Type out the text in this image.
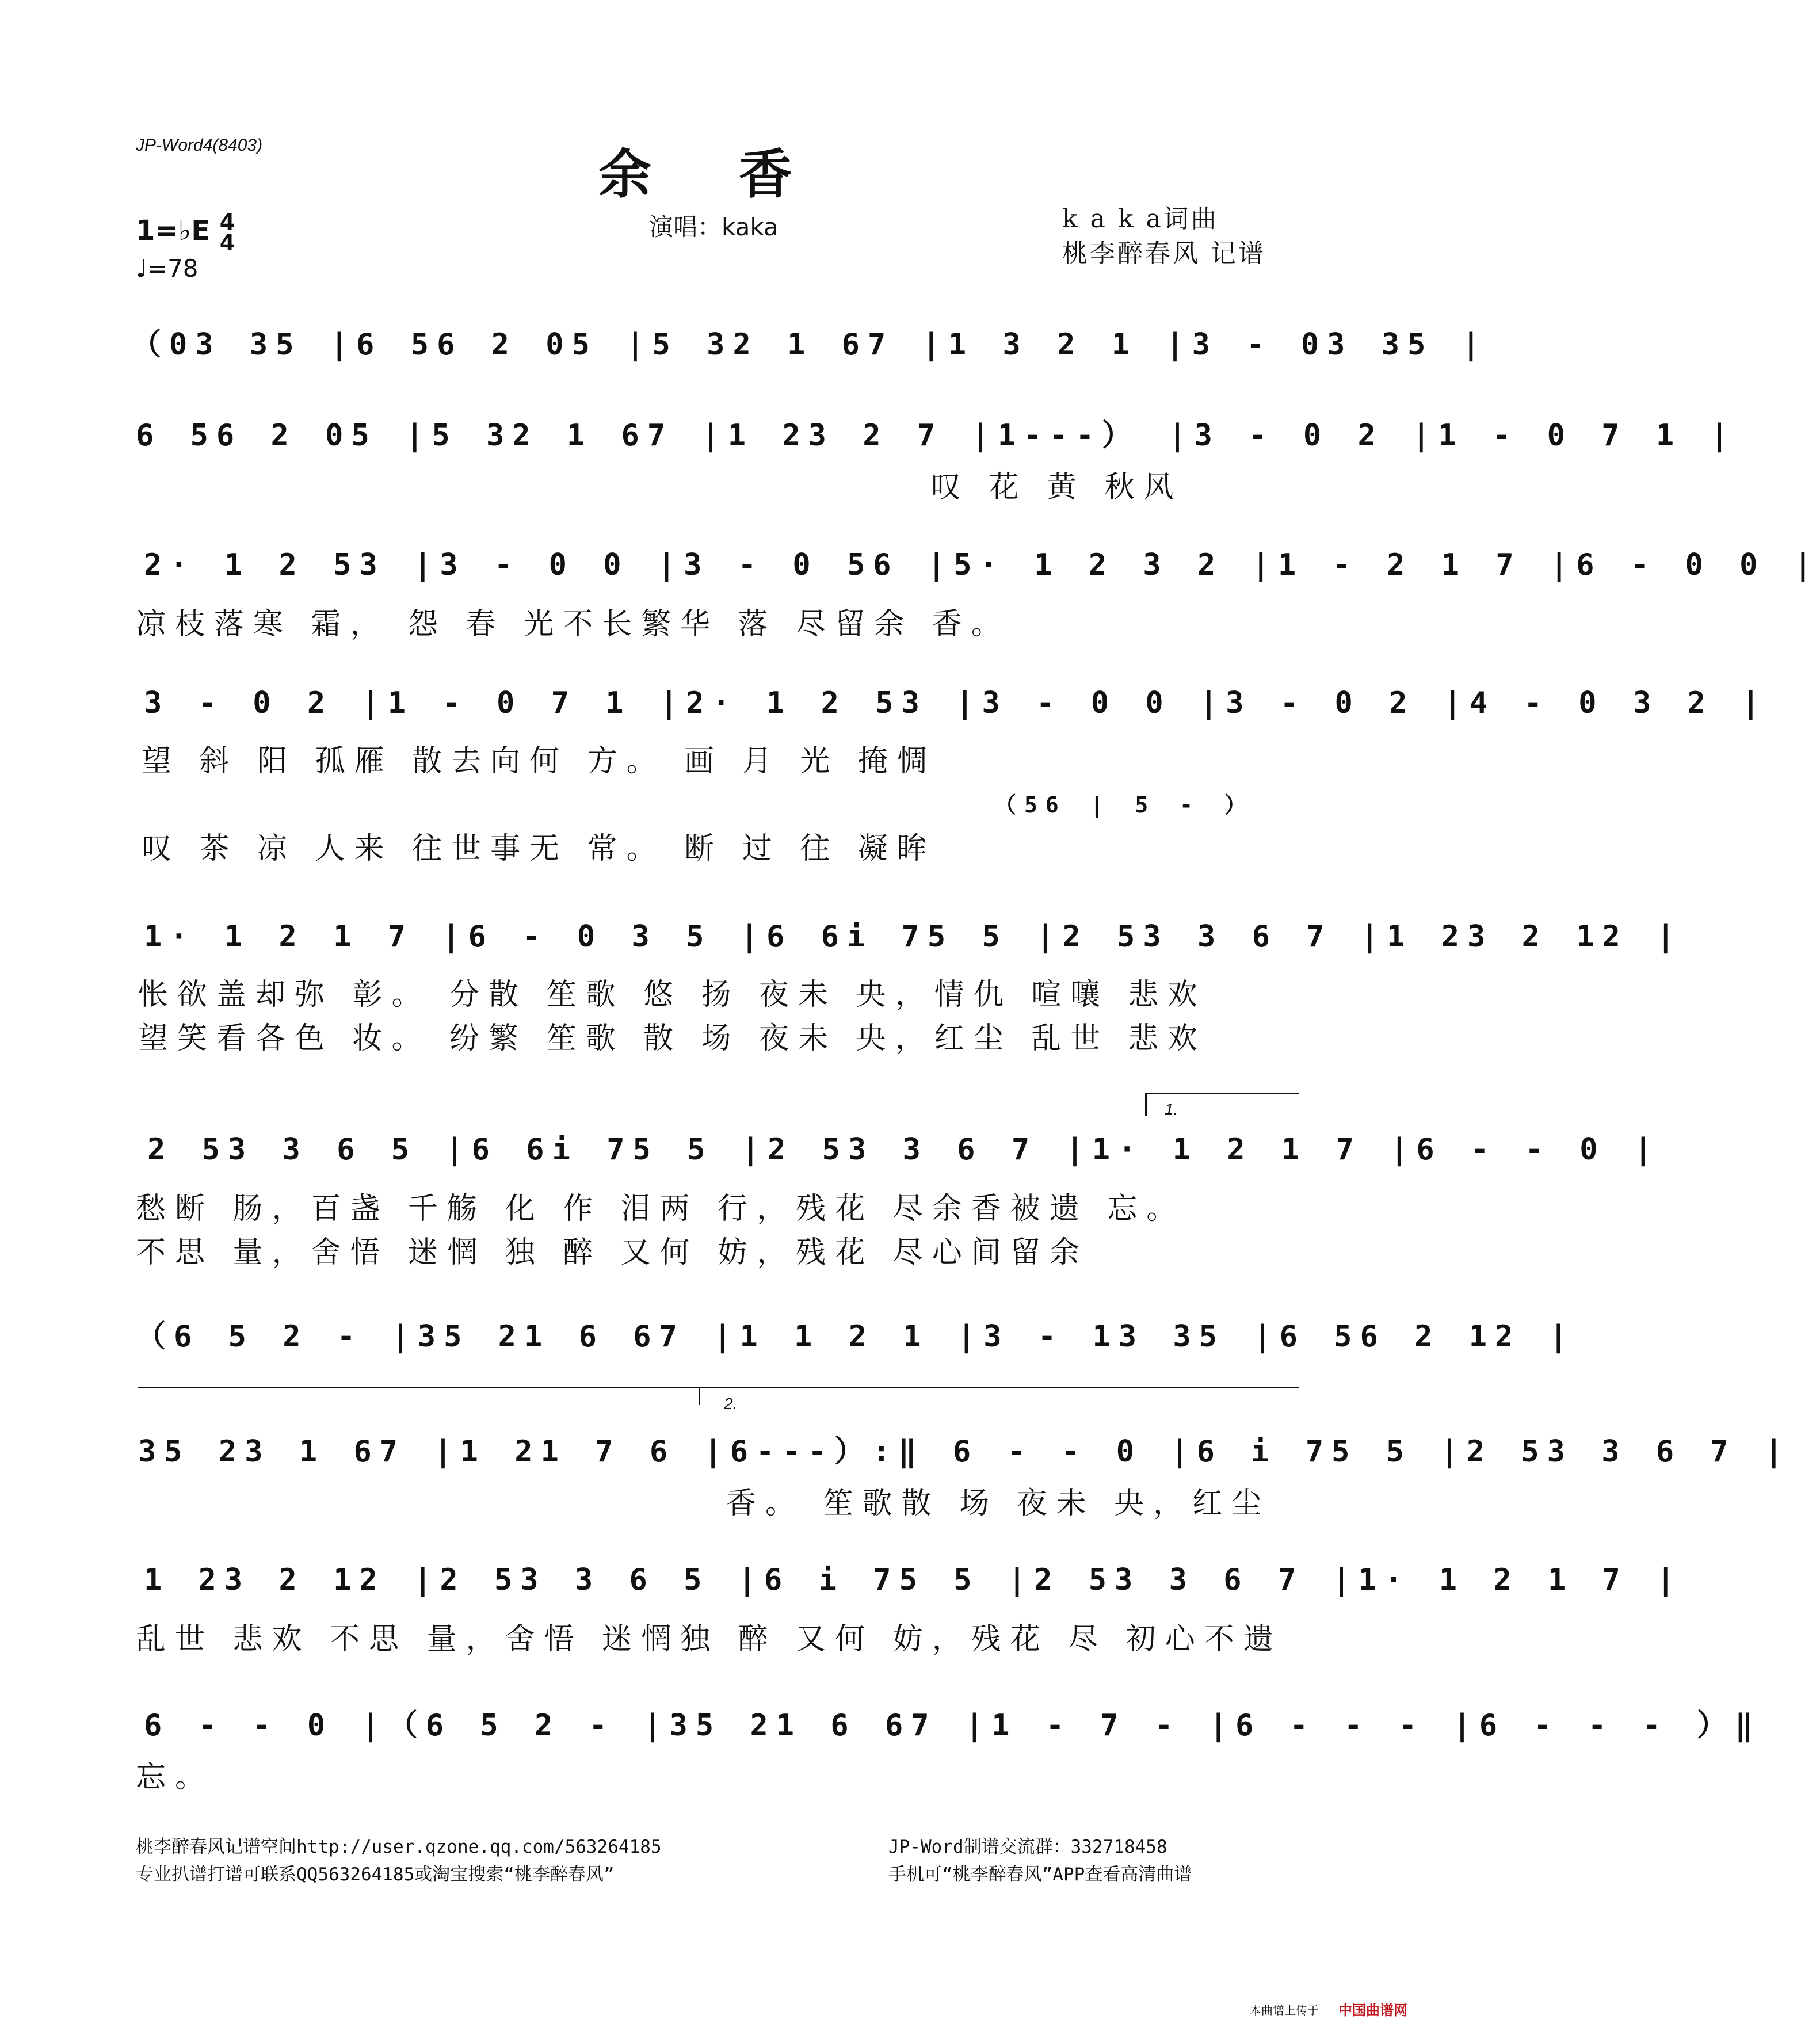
JP-Word4(8403)	余 香
演唱：kaka	k a k a词曲
桃李醉春风 记谱
1=♭E 4
4
♩=78
（03 35 |6 56 2 05 |5 32 1 67 |1 3 2 1 |3 - 03 35 |
6 56 2 05 |5 32 1 67 |1 23 2 7 |1---） |3 - 0 2 |1 - 0 7 1 |
叹 花 黄 秋风
2· 1 2 53 |3 - 0 0 |3 - 0 56 |5· 1 2 3 2 |1 - 2 1 7 |6 - 0 0 |
凉枝落寒 霜， 怨 春 光不长繁华 落 尽留余 香。
3 - 0 2 |1 - 0 7 1 |2· 1 2 53 |3 - 0 0 |3 - 0 2 |4 - 0 3 2 |
望 斜 阳 孤雁 散去向何 方。 画 月 光 掩惆
（56 | 5 - ）
叹 茶 凉 人来 往世事无 常。 断 过 往 凝眸
1· 1 2 1 7 |6 - 0 3 5 |6 6i 75 5 |2 53 3 6 7 |1 23 2 12 |
怅欲盖却弥 彰。 分散 笙歌 悠 扬 夜未 央，情仇 喧嚷 悲欢
望笑看各色 妆。 纷繁 笙歌 散 场 夜未 央，红尘 乱世 悲欢
1.
2 53 3 6 5 |6 6i 75 5 |2 53 3 6 7 |1· 1 2 1 7 |6 - - 0 |
愁断 肠，百盏 千觞 化 作 泪两 行，残花 尽余香被遗 忘。
不思 量，舍悟 迷惘 独 醉 又何 妨，残花 尽心间留余
（6 5 2 - |35 21 6 67 |1 1 2 1 |3 - 13 35 |6 56 2 12 |
2.
35 23 1 67 |1 21 7 6 |6---）:‖ 6 - - 0 |6 i 75 5 |2 53 3 6 7 |
香。 笙歌散 场 夜未 央，红尘
1 23 2 12 |2 53 3 6 5 |6 i 75 5 |2 53 3 6 7 |1· 1 2 1 7 |
乱世 悲欢 不思 量，舍悟 迷惘独 醉 又何 妨，残花 尽 初心不遗
6 - - 0 |（6 5 2 - |35 21 6 67 |1 - 7 - |6 - - - |6 - - - ）‖
忘。
桃李醉春风记谱空间http://user.qzone.qq.com/563264185
专业扒谱打谱可联系QQ563264185或淘宝搜索“桃李醉春风”
JP-Word制谱交流群：332718458
手机可“桃李醉春风”APP查看高清曲谱
本曲谱上传于 中国曲谱网
